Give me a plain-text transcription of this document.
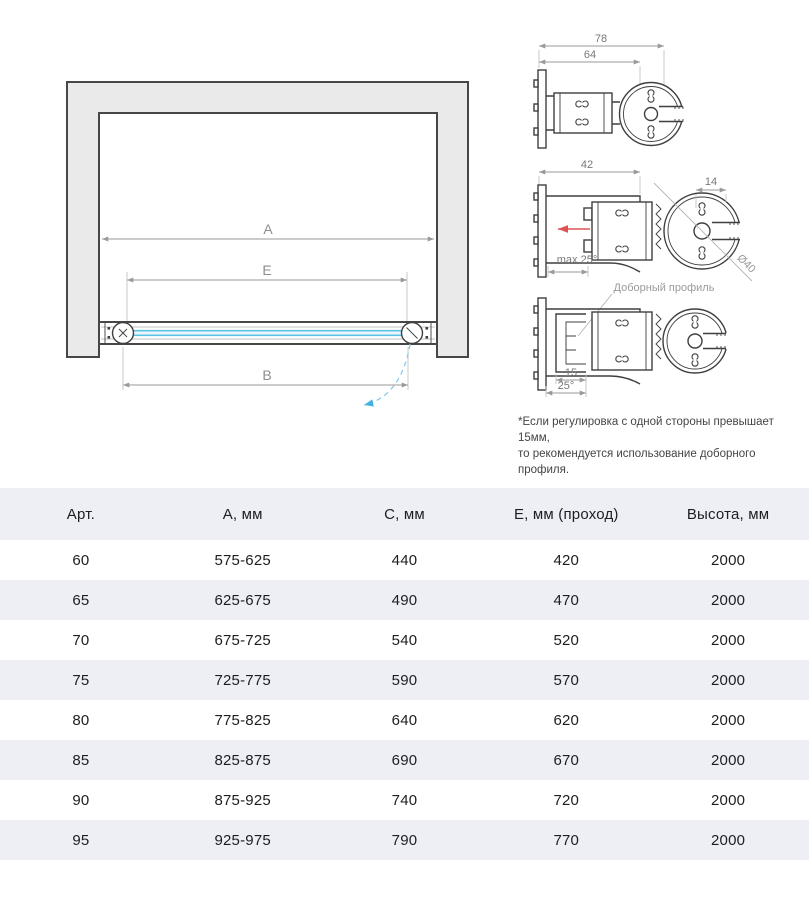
А
Е
В
78
64
42
Ø40
14
max 25°
Доборный профиль
15
25°
*Если регулировка с одной стороны превышает 15мм,
то рекомендуется использование доборного профиля.
Арт.	А, мм	С, мм	Е, мм (проход)	Высота, мм
60	575-625	440	420	2000
65	625-675	490	470	2000
70	675-725	540	520	2000
75	725-775	590	570	2000
80	775-825	640	620	2000
85	825-875	690	670	2000
90	875-925	740	720	2000
95	925-975	790	770	2000
